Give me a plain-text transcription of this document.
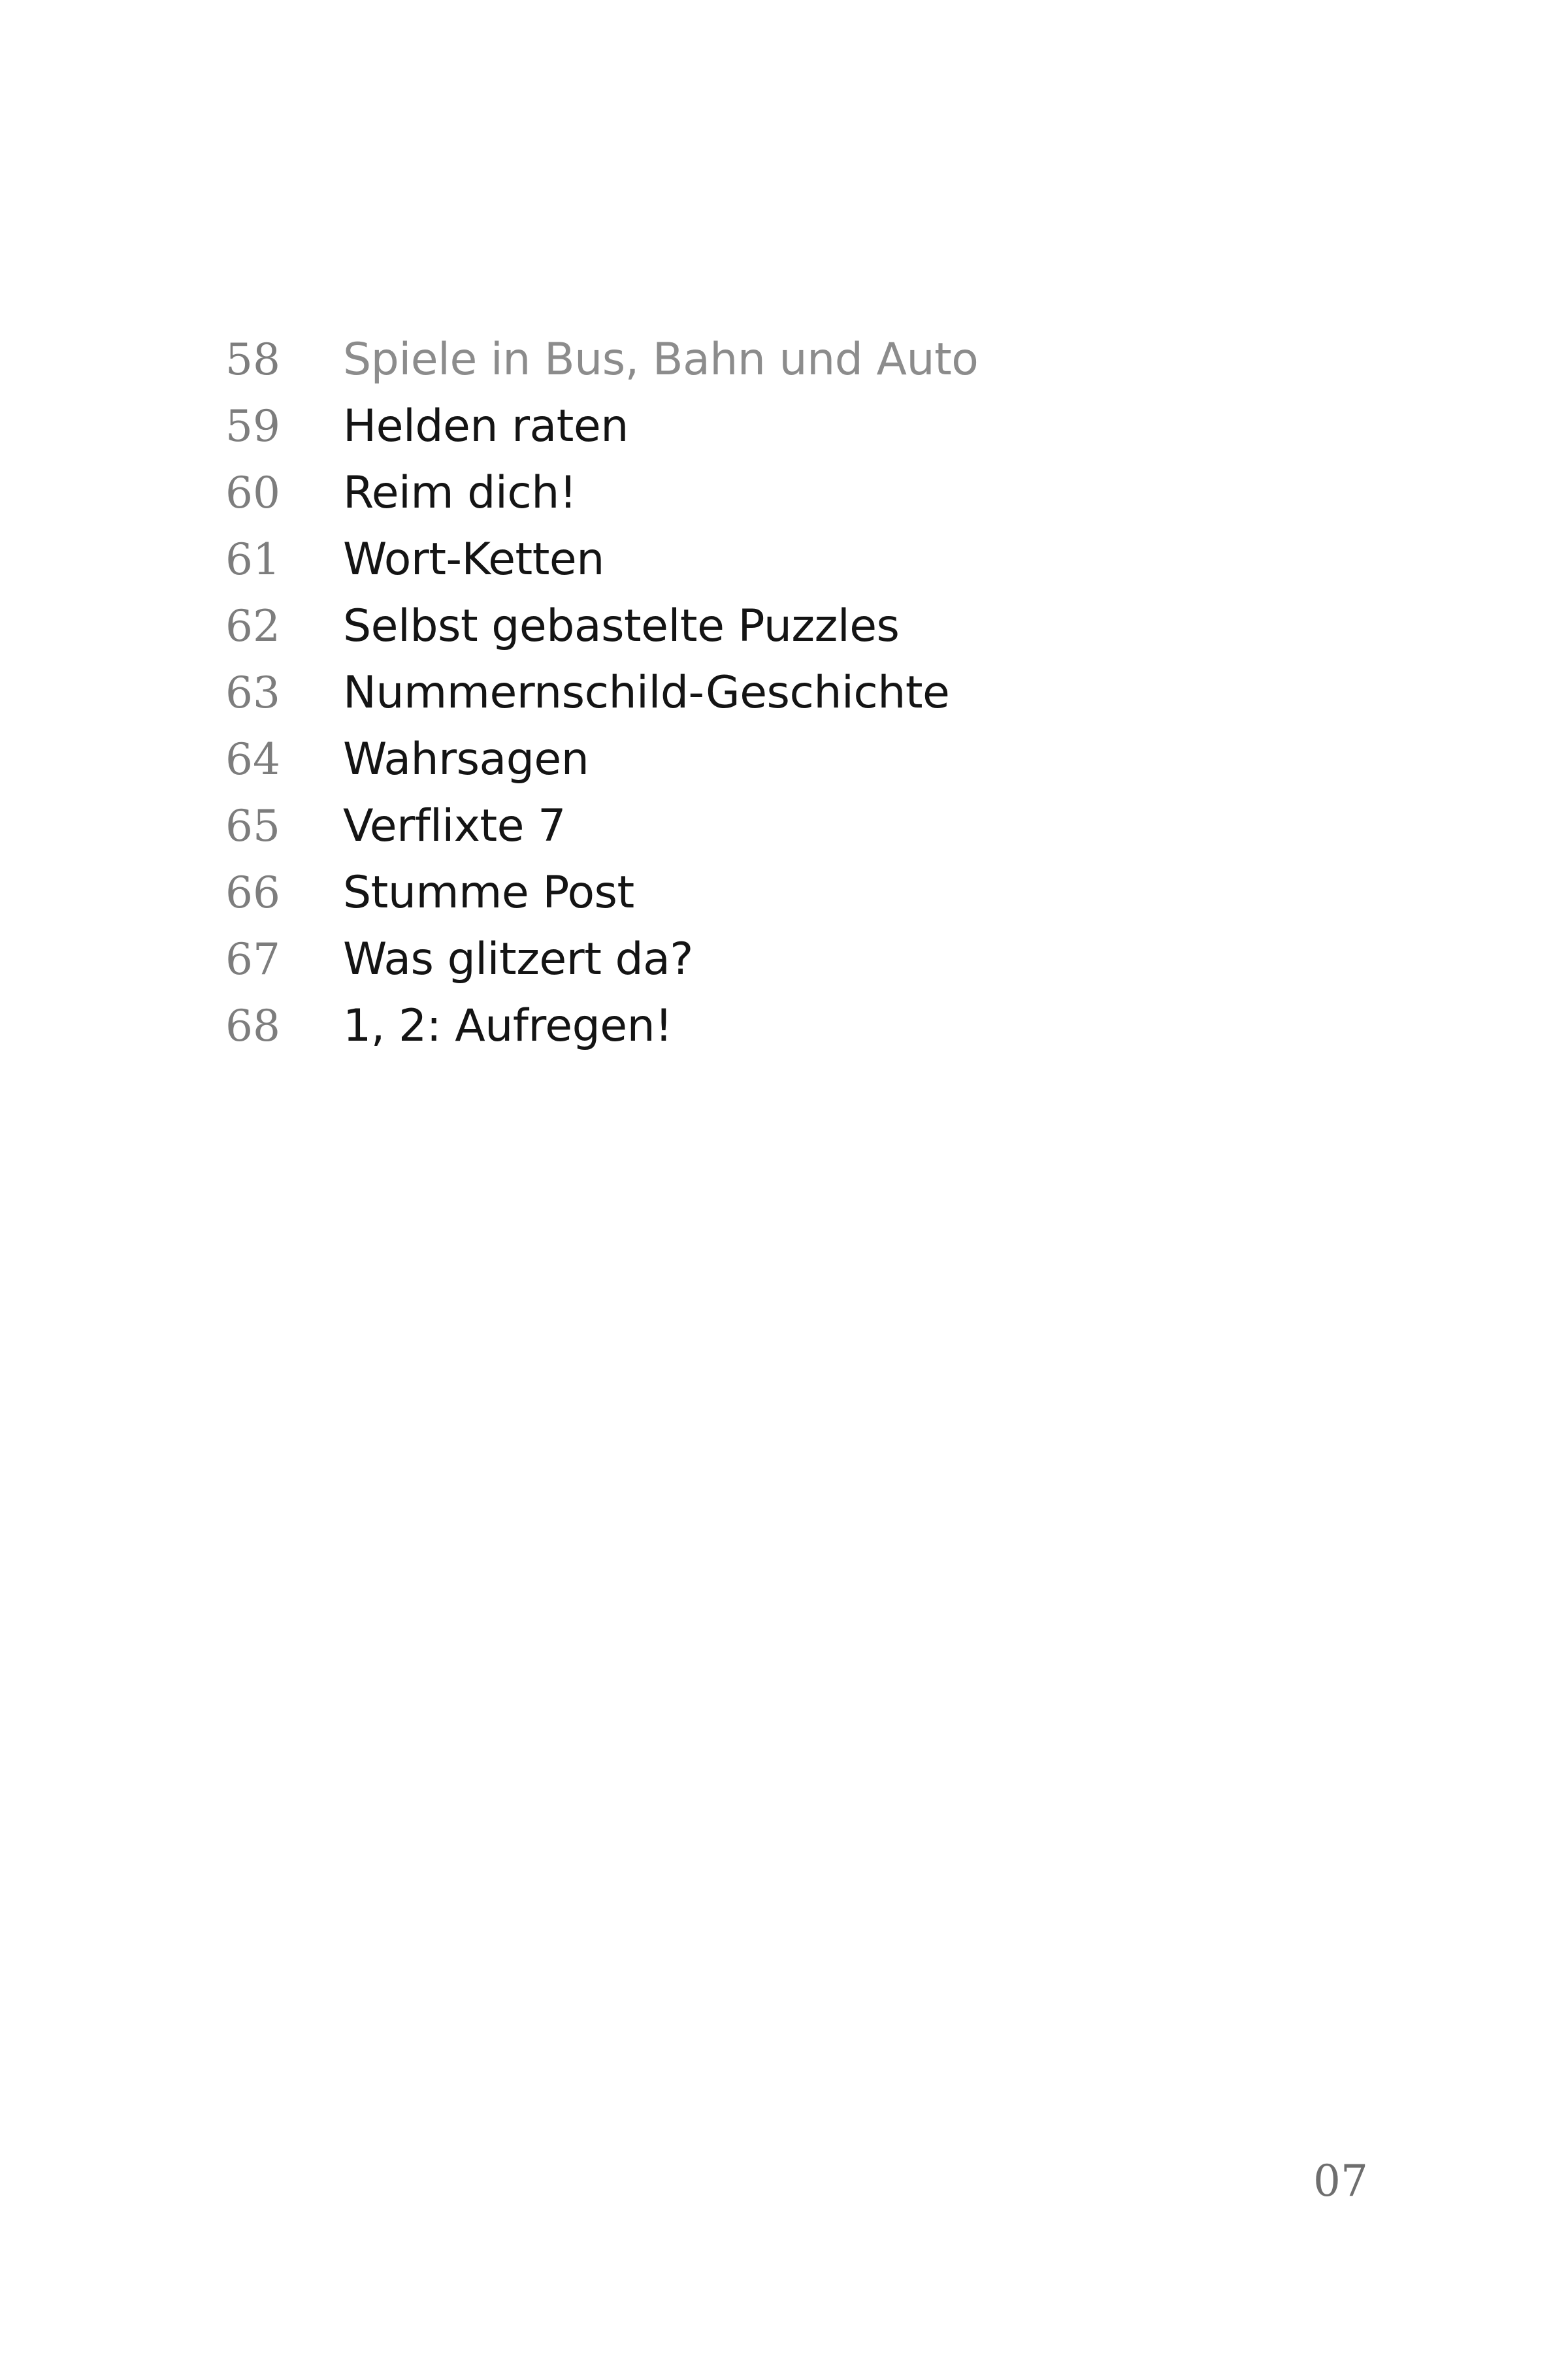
58	Spiele in Bus, Bahn und Auto
59	Helden raten
60	Reim dich!
61	Wort-Ketten
62	Selbst gebastelte Puzzles
63	Nummernschild-Geschichte
64	Wahrsagen
65	Verflixte 7
66	Stumme Post
67	Was glitzert da?
68	1, 2: Aufregen!
07
